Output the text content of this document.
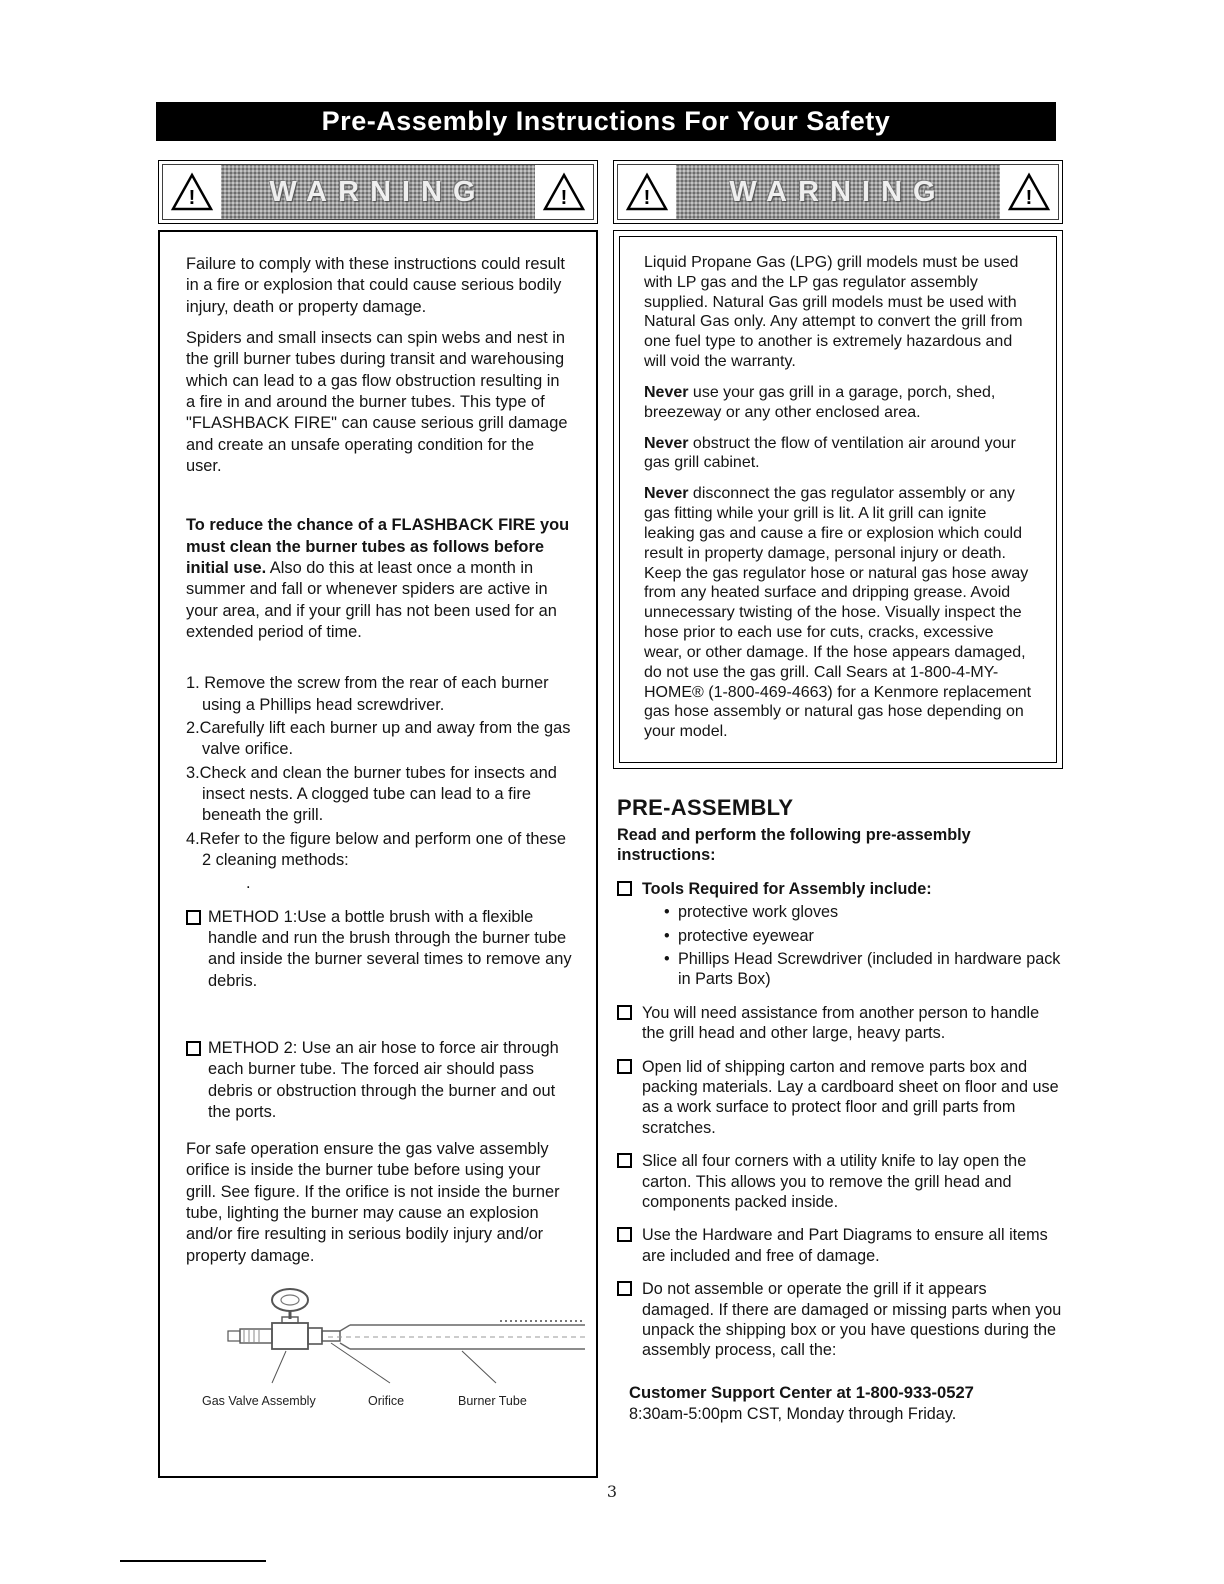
Pre-Assembly Instructions For Your Safety
!	WARNING	!

Failure to comply with these instructions could result in a fire or explosion that could cause serious bodily injury, death or property damage.

Spiders and small insects can spin webs and nest in the grill burner tubes during transit and warehousing which can lead to a gas flow obstruction resulting in a fire in and around the burner tubes. This type of "FLASHBACK FIRE" can cause serious grill damage and create an unsafe operating condition for the user.

To reduce the chance of a FLASHBACK FIRE you must clean the burner tubes as follows before initial use. Also do this at least once a month in summer and fall or whenever spiders are active in your area, and if your grill has not been used for an extended period of time.

1. Remove the screw from the rear of each burner using a Phillips head screwdriver.

2.Carefully lift each burner up and away from the gas valve orifice.

3.Check and clean the burner tubes for insects and insect nests. A clogged tube can lead to a fire beneath the grill.

4.Refer to the figure below and perform one of these 2 cleaning methods:

.

METHOD 1:Use a bottle brush with a flexible handle and run the brush through the burner tube and inside the burner several times to remove any debris.
METHOD 2: Use an air hose to force air through each burner tube. The forced air should pass debris or obstruction through the burner and out the ports.

For safe operation ensure the gas valve assembly orifice is inside the burner tube before using your grill. See figure. If the orifice is not inside the burner tube, lighting the burner may cause an explosion and/or fire resulting in serious bodily injury and/or property damage.

Gas Valve Assembly	Orifice	Burner Tube
!	WARNING	!

Liquid Propane Gas (LPG) grill models must be used with LP gas and the LP gas regulator assembly supplied. Natural Gas grill models must be used with Natural Gas only. Any attempt to convert the grill from one fuel type to another is extremely hazardous and will void the warranty.

Never use your gas grill in a garage, porch, shed, breezeway or any other enclosed area.

Never obstruct the flow of ventilation air around your gas grill cabinet.

Never disconnect the gas regulator assembly or any gas fitting while your grill is lit. A lit grill can ignite leaking gas and cause a fire or explosion which could result in property damage, personal injury or death. Keep the gas regulator hose or natural gas hose away from any heated surface and dripping grease. Avoid unnecessary twisting of the hose. Visually inspect the hose prior to each use for cuts, cracks, excessive wear, or other damage. If the hose appears damaged, do not use the gas grill. Call Sears at 1-800-4-MY-HOME® (1-800-469-4663) for a Kenmore replacement gas hose assembly or natural gas hose depending on your model.

PRE-ASSEMBLY
Read and perform the following pre-assembly instructions:
Tools Required for Assembly include:
• protective work gloves
• protective eyewear
• Phillips Head Screwdriver (included in hardware pack in Parts Box)
You will need assistance from another person to handle the grill head and other large, heavy parts.
Open lid of shipping carton and remove parts box and packing materials. Lay a cardboard sheet on floor and use as a work surface to protect floor and grill parts from scratches.
Slice all four corners with a utility knife to lay open the carton. This allows you to remove the grill head and components packed inside.
Use the Hardware and Part Diagrams to ensure all items are included and free of damage.
Do not assemble or operate the grill if it appears damaged. If there are damaged or missing parts when you unpack the shipping box or you have questions during the assembly process, call the:
Customer Support Center at 1-800-933-0527
8:30am-5:00pm CST, Monday through Friday.
3
